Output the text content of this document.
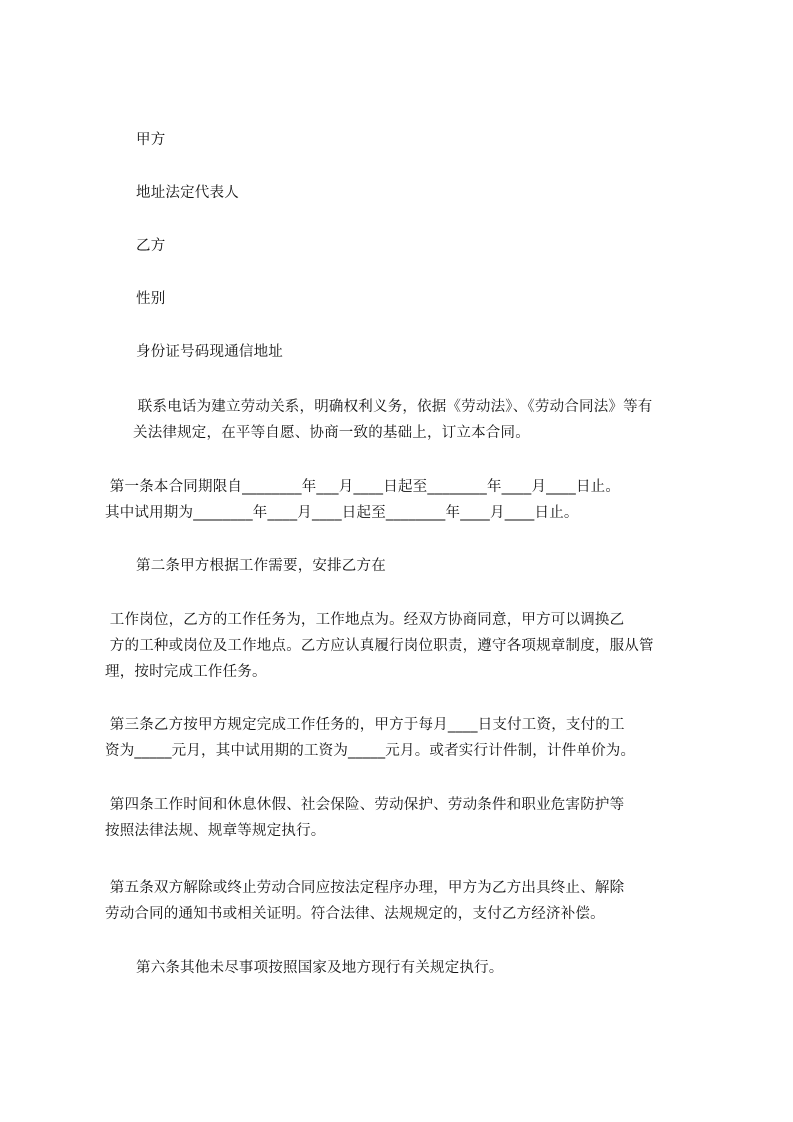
甲方

地址法定代表人

乙方

性别

身份证号码现通信地址

联系电话为建立劳动关系，明确权利义务，依据《劳动法》、《劳动合同法》等有
关法律规定，在平等自愿、协商一致的基础上，订立本合同。

第一条本合同期限自________年___月____日起至________年____月____日止。
其中试用期为________年____月____日起至________年____月____日止。

第二条甲方根据工作需要，安排乙方在

工作岗位，乙方的工作任务为，工作地点为。经双方协商同意，甲方可以调换乙
方的工种或岗位及工作地点。乙方应认真履行岗位职责，遵守各项规章制度，服从管
理，按时完成工作任务。

第三条乙方按甲方规定完成工作任务的，甲方于每月____日支付工资，支付的工
资为_____元月，其中试用期的工资为_____元月。或者实行计件制，计件单价为。

第四条工作时间和休息休假、社会保险、劳动保护、劳动条件和职业危害防护等
按照法律法规、规章等规定执行。

第五条双方解除或终止劳动合同应按法定程序办理，甲方为乙方出具终止、解除
劳动合同的通知书或相关证明。符合法律、法规规定的，支付乙方经济补偿。

第六条其他未尽事项按照国家及地方现行有关规定执行。
